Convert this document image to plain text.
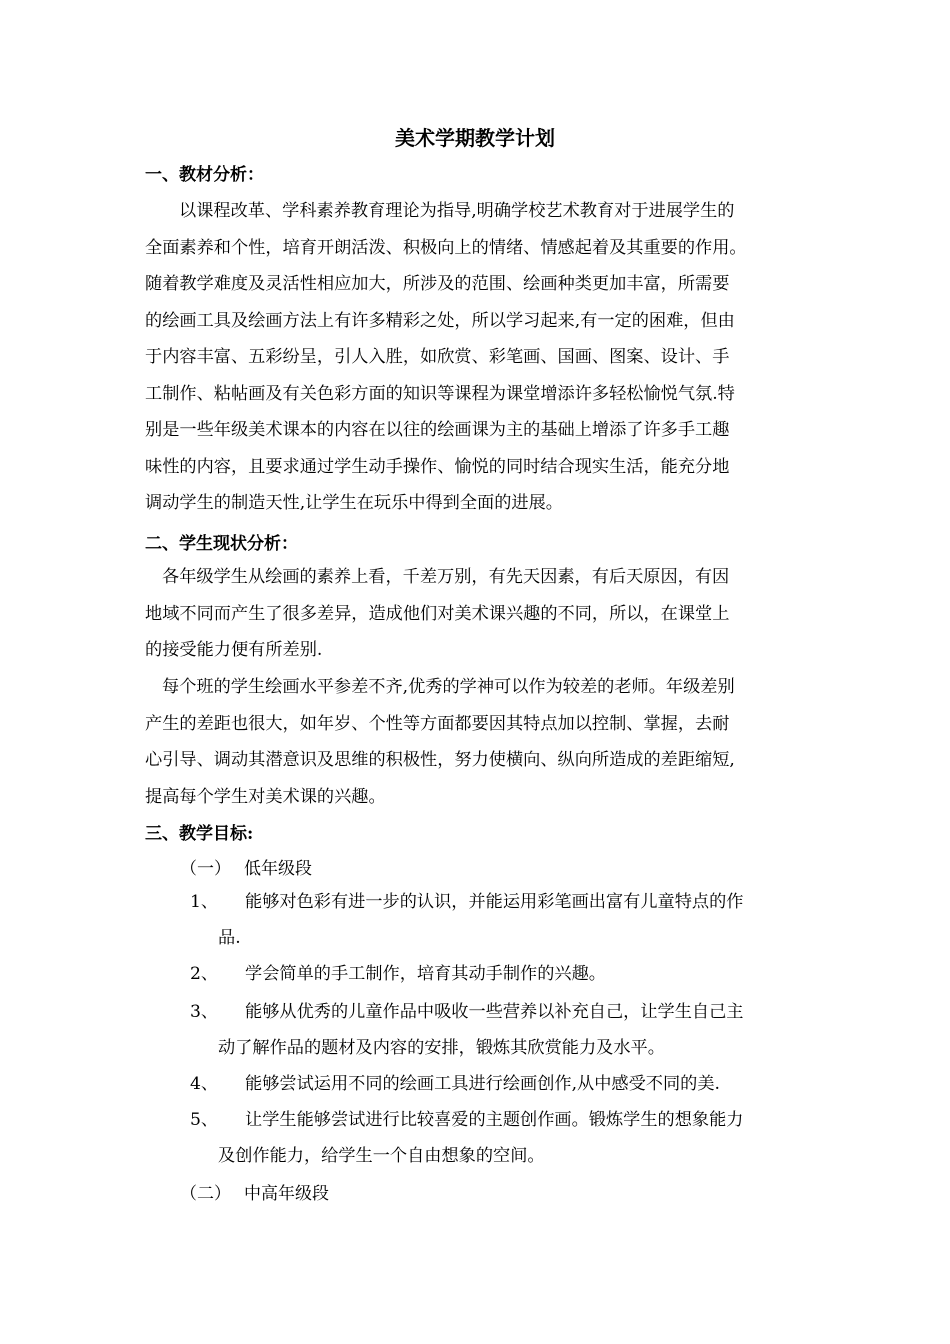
美术学期教学计划
一、教材分析：
以课程改革、学科素养教育理论为指导,明确学校艺术教育对于进展学生的
全面素养和个性，培育开朗活泼、积极向上的情绪、情感起着及其重要的作用。
随着教学难度及灵活性相应加大，所涉及的范围、绘画种类更加丰富，所需要
的绘画工具及绘画方法上有许多精彩之处，所以学习起来,有一定的困难，但由
于内容丰富、五彩纷呈，引人入胜，如欣赏、彩笔画、国画、图案、设计、手
工制作、粘帖画及有关色彩方面的知识等课程为课堂增添许多轻松愉悦气氛.特
别是一些年级美术课本的内容在以往的绘画课为主的基础上增添了许多手工趣
味性的内容，且要求通过学生动手操作、愉悦的同时结合现实生活，能充分地
调动学生的制造天性,让学生在玩乐中得到全面的进展。
二、学生现状分析：
各年级学生从绘画的素养上看，千差万别，有先天因素，有后天原因，有因
地域不同而产生了很多差异，造成他们对美术课兴趣的不同，所以，在课堂上
的接受能力便有所差别.
每个班的学生绘画水平参差不齐,优秀的学神可以作为较差的老师。年级差别
产生的差距也很大，如年岁、个性等方面都要因其特点加以控制、掌握，去耐
心引导、调动其潜意识及思维的积极性，努力使横向、纵向所造成的差距缩短,
提高每个学生对美术课的兴趣。
三、教学目标:
（一） 低年级段
1、 能够对色彩有进一步的认识，并能运用彩笔画出富有儿童特点的作
品.
2、 学会简单的手工制作，培育其动手制作的兴趣。
3、 能够从优秀的儿童作品中吸收一些营养以补充自己，让学生自己主
动了解作品的题材及内容的安排，锻炼其欣赏能力及水平。
4、 能够尝试运用不同的绘画工具进行绘画创作,从中感受不同的美.
5、 让学生能够尝试进行比较喜爱的主题创作画。锻炼学生的想象能力
及创作能力，给学生一个自由想象的空间。
（二） 中高年级段
